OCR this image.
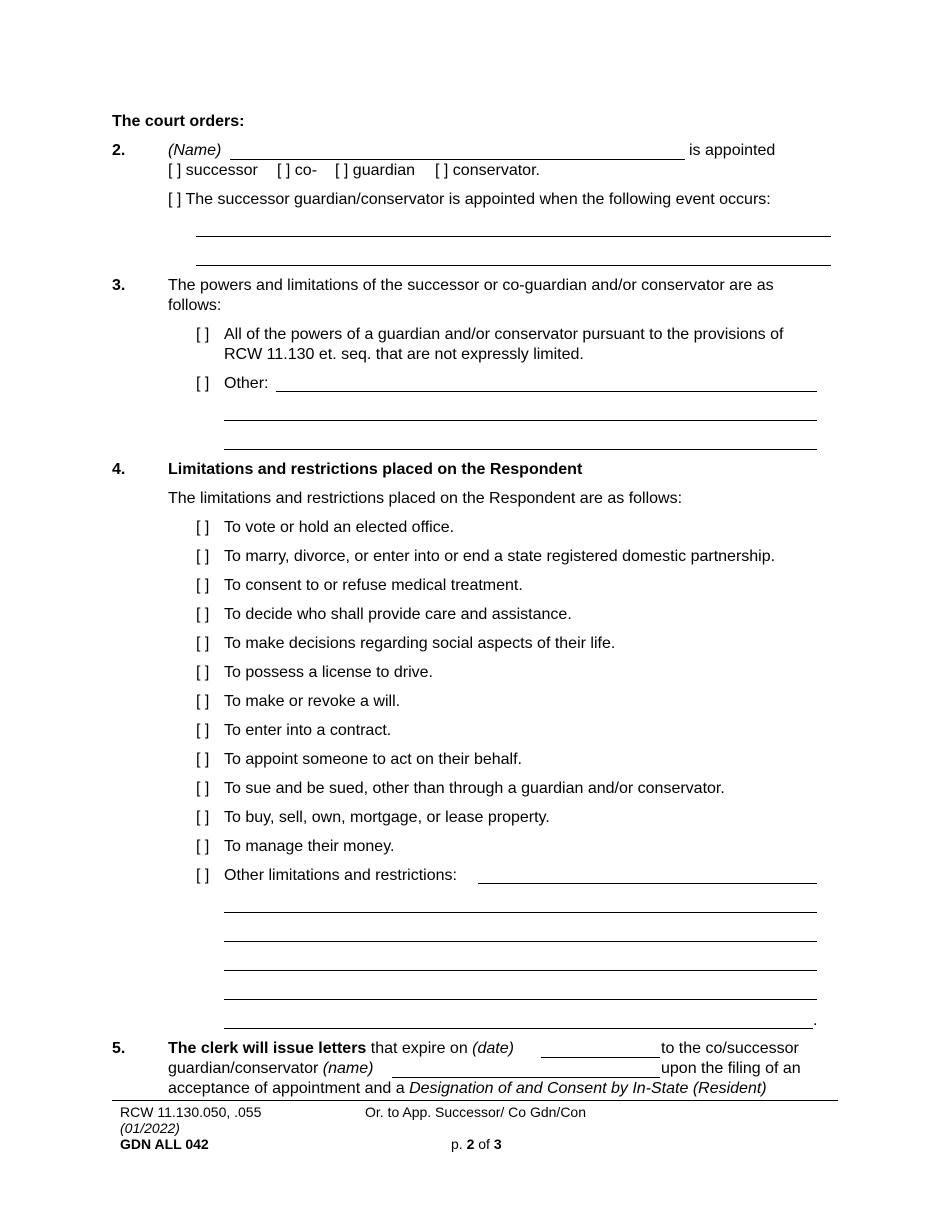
The court orders:
2.	(Name)	is appointed
[ ] successor [ ] co- [ ] guardian [ ] conservator.
[ ] The successor guardian/conservator is appointed when the following event occurs:
3.	The powers and limitations of the successor or co-guardian and/or conservator are as
follows:
[ ] All of the powers of a guardian and/or conservator pursuant to the provisions of
RCW 11.130 et. seq. that are not expressly limited.
[ ] Other:
4.	Limitations and restrictions placed on the Respondent
The limitations and restrictions placed on the Respondent are as follows:
[ ] To vote or hold an elected office.
[ ] To marry, divorce, or enter into or end a state registered domestic partnership.
[ ] To consent to or refuse medical treatment.
[ ] To decide who shall provide care and assistance.
[ ] To make decisions regarding social aspects of their life.
[ ] To possess a license to drive.
[ ] To make or revoke a will.
[ ] To enter into a contract.
[ ] To appoint someone to act on their behalf.
[ ] To sue and be sued, other than through a guardian and/or conservator.
[ ] To buy, sell, own, mortgage, or lease property.
[ ] To manage their money.
[ ] Other limitations and restrictions:
.
5.	The clerk will issue letters that expire on (date)	to the co/successor
guardian/conservator (name)	upon the filing of an
acceptance of appointment and a Designation of and Consent by In-State (Resident)
RCW 11.130.050, .055
(01/2022)
GDN ALL 042
Or. to App. Successor/ Co Gdn/Con
p. 2 of 3
